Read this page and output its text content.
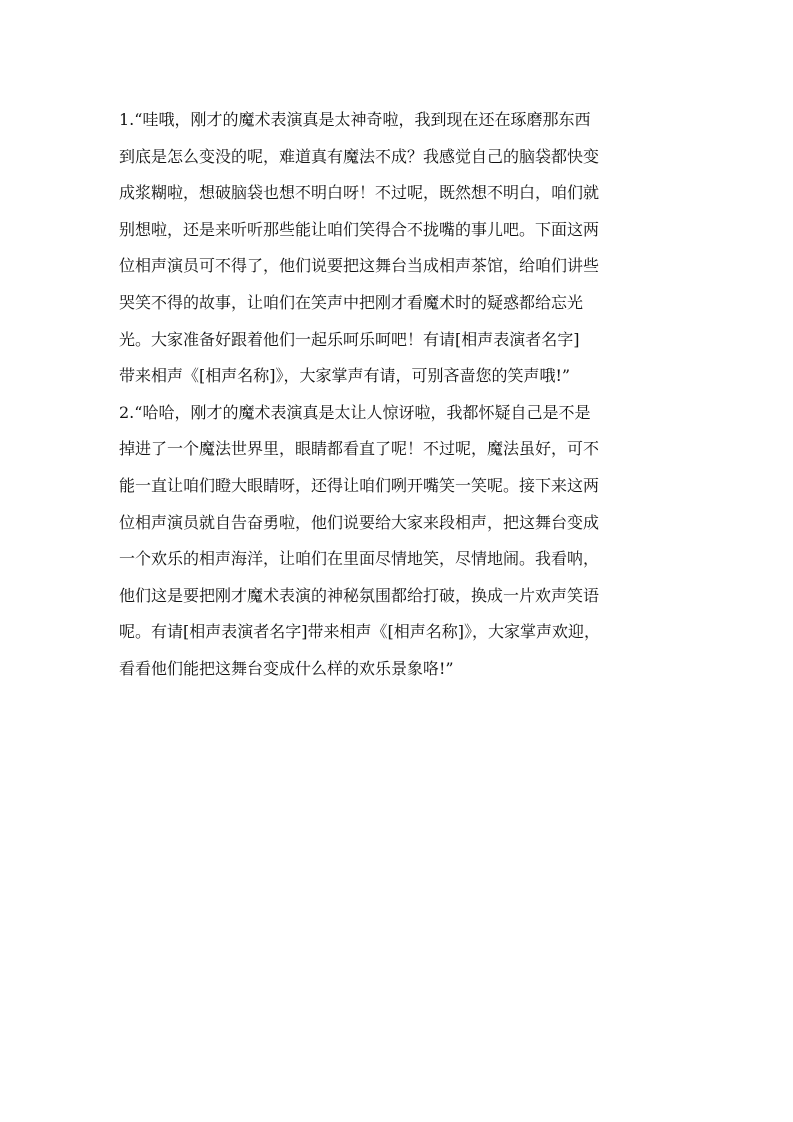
1.“哇哦，刚才的魔术表演真是太神奇啦，我到现在还在琢磨那东西
到底是怎么变没的呢，难道真有魔法不成？我感觉自己的脑袋都快变
成浆糊啦，想破脑袋也想不明白呀！不过呢，既然想不明白，咱们就
别想啦，还是来听听那些能让咱们笑得合不拢嘴的事儿吧。下面这两
位相声演员可不得了，他们说要把这舞台当成相声茶馆，给咱们讲些
哭笑不得的故事，让咱们在笑声中把刚才看魔术时的疑惑都给忘光
光。大家准备好跟着他们一起乐呵乐呵吧！有请[相声表演者名字]
带来相声《[相声名称]》，大家掌声有请，可别吝啬您的笑声哦!”
2.“哈哈，刚才的魔术表演真是太让人惊讶啦，我都怀疑自己是不是
掉进了一个魔法世界里，眼睛都看直了呢！不过呢，魔法虽好，可不
能一直让咱们瞪大眼睛呀，还得让咱们咧开嘴笑一笑呢。接下来这两
位相声演员就自告奋勇啦，他们说要给大家来段相声，把这舞台变成
一个欢乐的相声海洋，让咱们在里面尽情地笑，尽情地闹。我看呐，
他们这是要把刚才魔术表演的神秘氛围都给打破，换成一片欢声笑语
呢。有请[相声表演者名字]带来相声《[相声名称]》，大家掌声欢迎，
看看他们能把这舞台变成什么样的欢乐景象咯!”
